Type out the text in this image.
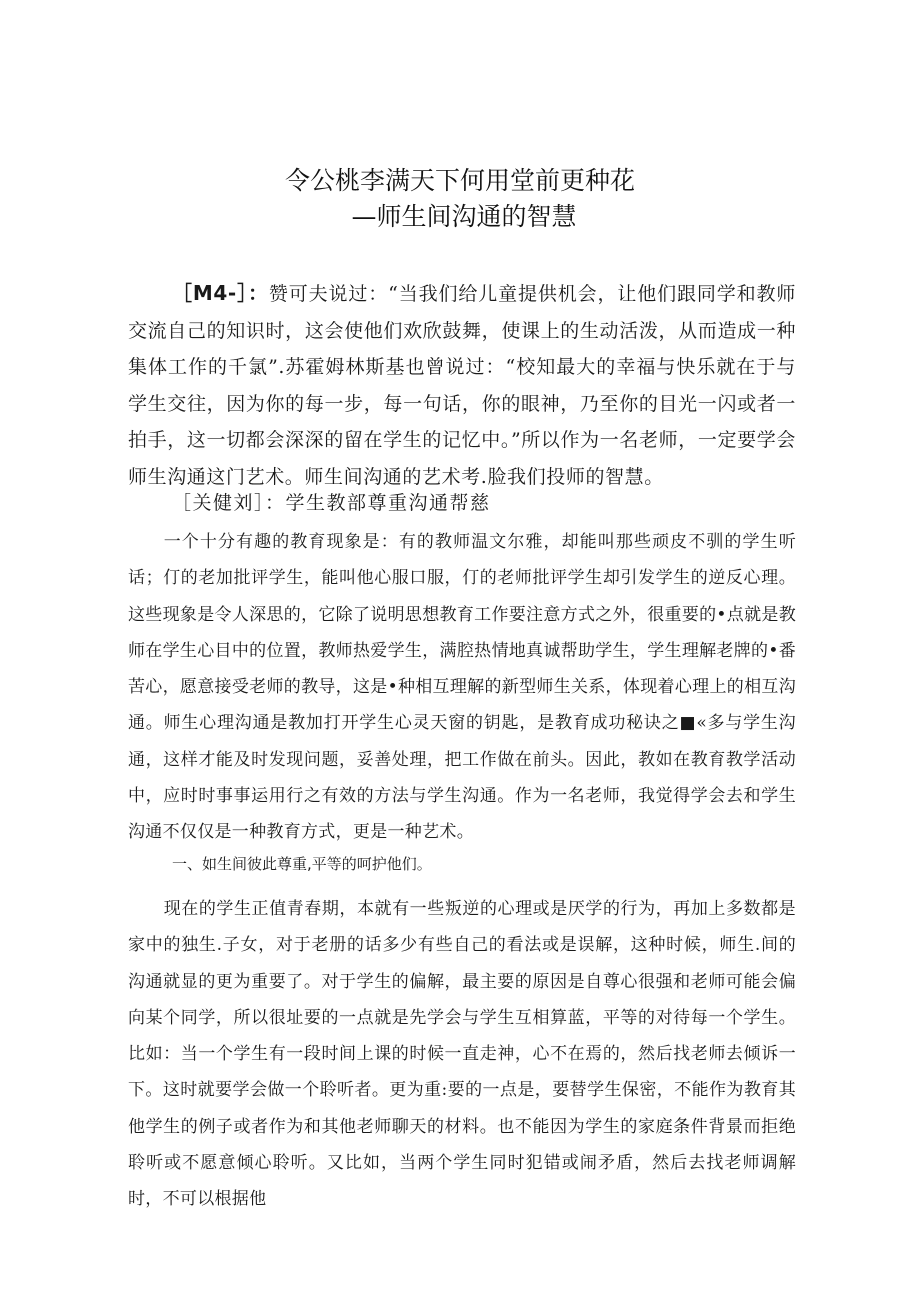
令公桃李满天下何用堂前更种花
—师生间沟通的智慧
［M4-］：赞可夫说过：“当我们给儿童提供机会，让他们跟同学和教师交流自己的知识时，这会使他们欢欣鼓舞，使课上的生动活泼，从而造成一种集体工作的千氯”.苏霍姆林斯基也曾说过：“校知最大的幸福与快乐就在于与学生交往，因为你的每一步，每一句话，你的眼神，乃至你的目光一闪或者一拍手，这一切都会深深的留在学生的记忆中。”所以作为一名老师，一定要学会师生沟通这门艺术。师生间沟通的艺术考.脸我们投师的智慧。
［关健刘］：学生教部尊重沟通帮慈
一个十分有趣的教育现象是：有的教师温文尔雅，却能叫那些顽皮不驯的学生听话；仃的老加批评学生，能叫他心服口服，仃的老师批评学生却引发学生的逆反心理。这些现象是令人深思的，它除了说明思想教育工作要注意方式之外，很重要的•点就是教师在学生心目中的位置，教师热爱学生，满腔热情地真诚帮助学生，学生理解老牌的•番苦心，愿意接受老师的教导，这是•种相互理解的新型师生关系，体现着心理上的相互沟通。师生心理沟通是教加打开学生心灵天窗的钥匙，是教育成功秘诀之■«多与学生沟通，这样才能及时发现问题，妥善处理，把工作做在前头。因此，教如在教育教学活动中，应时时事事运用行之有效的方法与学生沟通。作为一名老师，我觉得学会去和学生沟通不仅仅是一种教育方式，更是一种艺术。
一、如生间彼此尊重,平等的呵护他们。
现在的学生正值青春期，本就有一些叛逆的心理或是厌学的行为，再加上多数都是家中的独生.子女，对于老册的话多少有些自己的看法或是误解，这种时候，师生.间的沟通就显的更为重要了。对于学生的偏解，最主要的原因是自尊心很强和老师可能会偏向某个同学，所以很址要的一点就是先学会与学生互相算蓝，平等的对待每一个学生。比如：当一个学生有一段时间上课的时候一直走神，心不在焉的，然后找老师去倾诉一下。这时就要学会做一个聆听者。更为重:要的一点是，要替学生保密，不能作为教育其他学生的例子或者作为和其他老师聊天的材料。也不能因为学生的家庭条件背景而拒绝聆听或不愿意倾心聆听。又比如，当两个学生同时犯错或闹矛盾，然后去找老师调解时，不可以根据他
